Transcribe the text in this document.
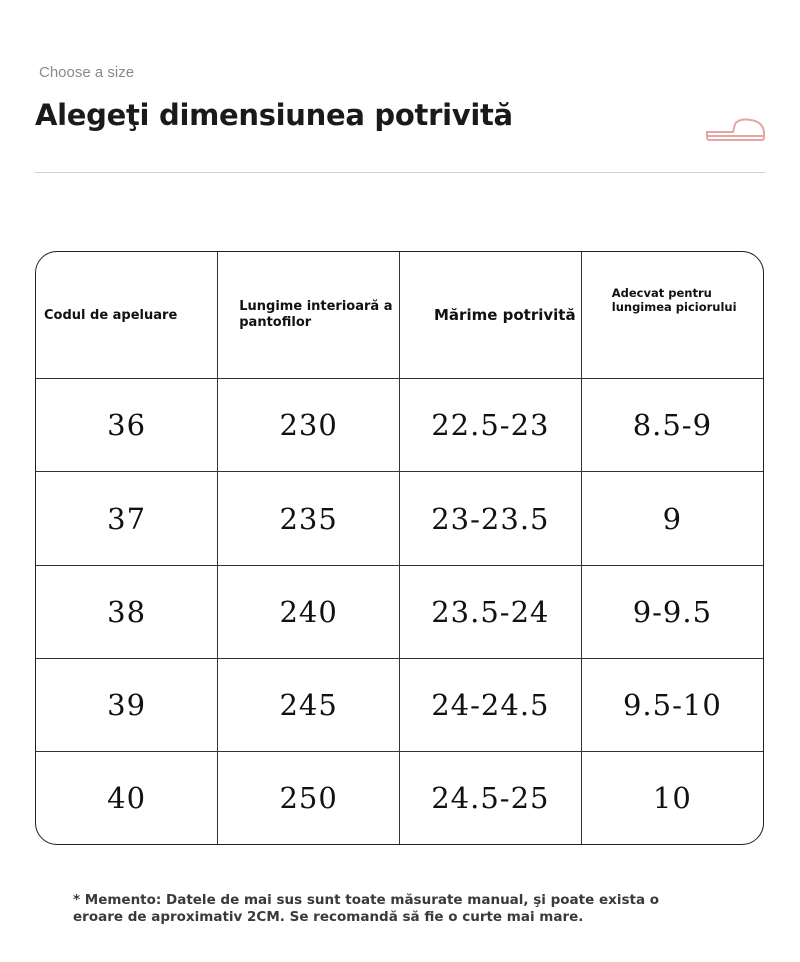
Choose a size
Alegeţi dimensiunea potrivită
Codul de apeluare	Lungime interioară a pantofilor	Mărime potrivită	Adecvat pentru lungimea piciorului
36	230	22.5-23	8.5-9
37	235	23-23.5	9
38	240	23.5-24	9-9.5
39	245	24-24.5	9.5-10
40	250	24.5-25	10
* Memento: Datele de mai sus sunt toate măsurate manual, şi poate exista o eroare de aproximativ 2CM. Se recomandă să fie o curte mai mare.
